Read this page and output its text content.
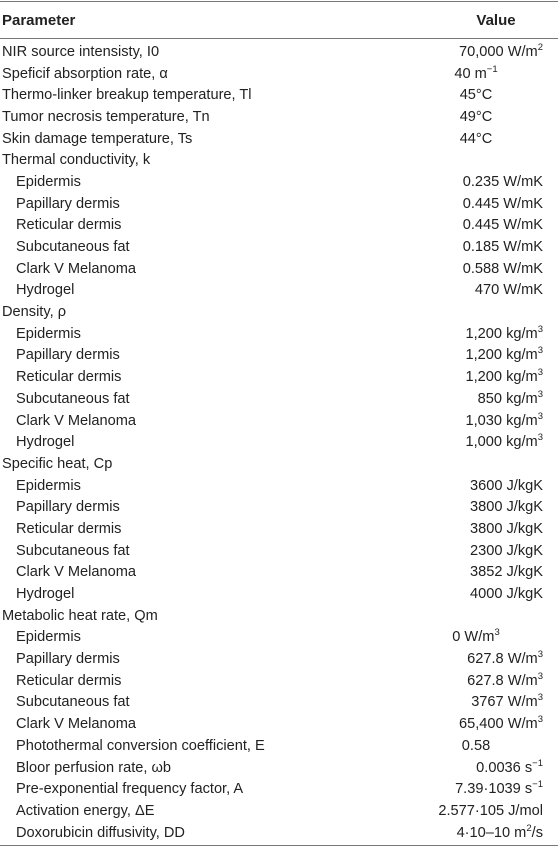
Parameter	Value
NIR source intensisty, I0	70,000 $W/m^2$
Speficif absorption rate, α	40 $m^{-1}$
Thermo-linker breakup temperature, Tl	45°C
Tumor necrosis temperature, Tn	49°C
Skin damage temperature, Ts	44°C
Thermal conductivity, k
Epidermis	0.235 W/mK
Papillary dermis	0.445 W/mK
Reticular dermis	0.445 W/mK
Subcutaneous fat	0.185 W/mK
Clark V Melanoma	0.588 W/mK
Hydrogel	470 W/mK
Density, ρ
Epidermis	1,200 $kg/m^3$
Papillary dermis	1,200 $kg/m^3$
Reticular dermis	1,200 $kg/m^3$
Subcutaneous fat	850 $kg/m^3$
Clark V Melanoma	1,030 $kg/m^3$
Hydrogel	1,000 $kg/m^3$
Specific heat, Cp
Epidermis	3600 J/kgK
Papillary dermis	3800 J/kgK
Reticular dermis	3800 J/kgK
Subcutaneous fat	2300 J/kgK
Clark V Melanoma	3852 J/kgK
Hydrogel	4000 J/kgK
Metabolic heat rate, Qm
Epidermis	0 $W/m^3$
Papillary dermis	627.8 $W/m^3$
Reticular dermis	627.8 $W/m^3$
Subcutaneous fat	3767 $W/m^3$
Clark V Melanoma	65,400 $W/m^3$
Photothermal conversion coefficient, E	0.58
Bloor perfusion rate, ωb	0.0036 $s^{-1}$
Pre-exponential frequency factor, A	7.39·1039 $s^{-1}$
Activation energy, ΔE	2.577·105 J/mol
Doxorubicin diffusivity, DD	4·10–10 $m^2/s$
